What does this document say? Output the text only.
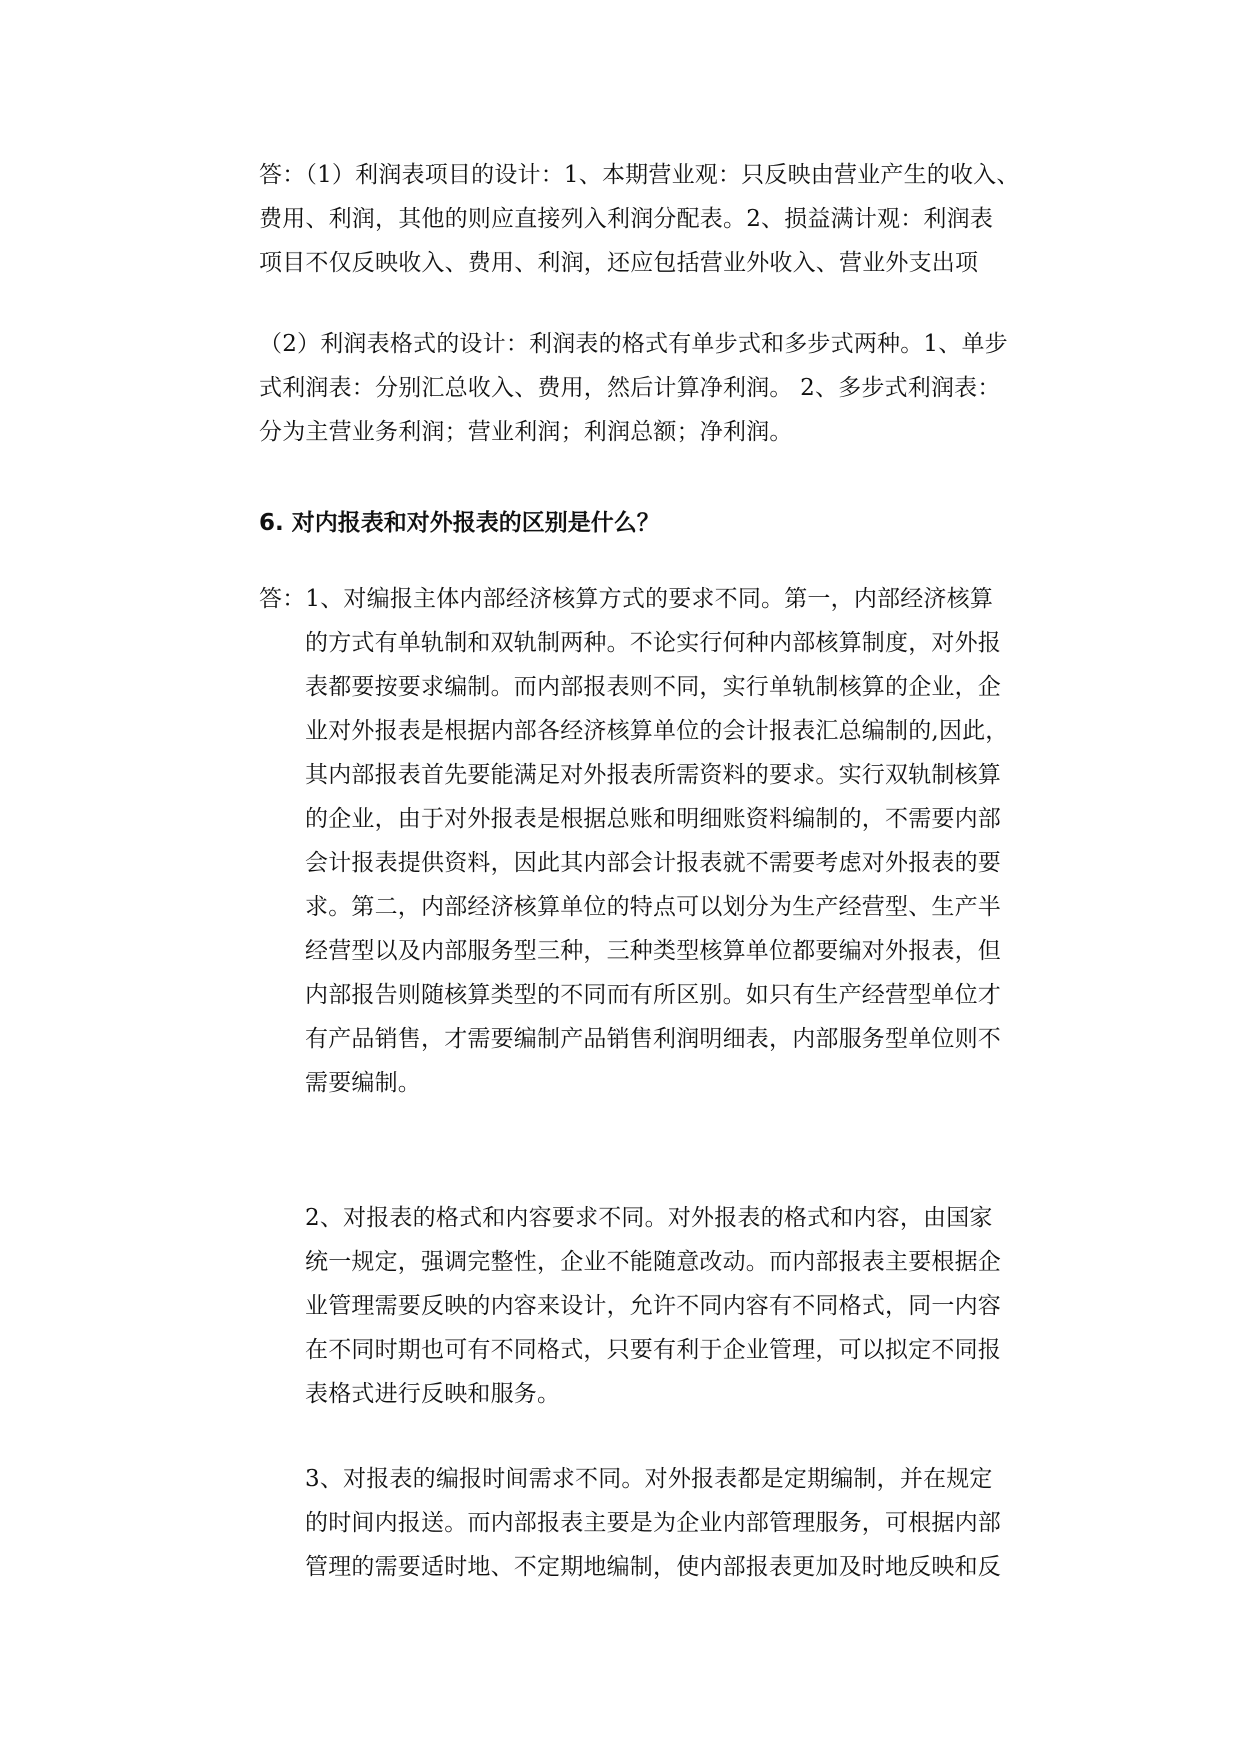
答：（1）利润表项目的设计：1、本期营业观：只反映由营业产生的收入、
费用、利润，其他的则应直接列入利润分配表。2、损益满计观：利润表
项目不仅反映收入、费用、利润，还应包括营业外收入、营业外支出项
（2）利润表格式的设计：利润表的格式有单步式和多步式两种。1、单步
式利润表：分别汇总收入、费用，然后计算净利润。 2、多步式利润表：
分为主营业务利润；营业利润；利润总额；净利润。
6. 对内报表和对外报表的区别是什么？
答：1、对编报主体内部经济核算方式的要求不同。第一，内部经济核算
的方式有单轨制和双轨制两种。不论实行何种内部核算制度，对外报
表都要按要求编制。而内部报表则不同，实行单轨制核算的企业，企
业对外报表是根据内部各经济核算单位的会计报表汇总编制的,因此，
其内部报表首先要能满足对外报表所需资料的要求。实行双轨制核算
的企业，由于对外报表是根据总账和明细账资料编制的，不需要内部
会计报表提供资料，因此其内部会计报表就不需要考虑对外报表的要
求。第二，内部经济核算单位的特点可以划分为生产经营型、生产半
经营型以及内部服务型三种，三种类型核算单位都要编对外报表，但
内部报告则随核算类型的不同而有所区别。如只有生产经营型单位才
有产品销售，才需要编制产品销售利润明细表，内部服务型单位则不
需要编制。
2、对报表的格式和内容要求不同。对外报表的格式和内容，由国家
统一规定，强调完整性，企业不能随意改动。而内部报表主要根据企
业管理需要反映的内容来设计，允许不同内容有不同格式，同一内容
在不同时期也可有不同格式，只要有利于企业管理，可以拟定不同报
表格式进行反映和服务。
3、对报表的编报时间需求不同。对外报表都是定期编制，并在规定
的时间内报送。而内部报表主要是为企业内部管理服务，可根据内部
管理的需要适时地、不定期地编制，使内部报表更加及时地反映和反
